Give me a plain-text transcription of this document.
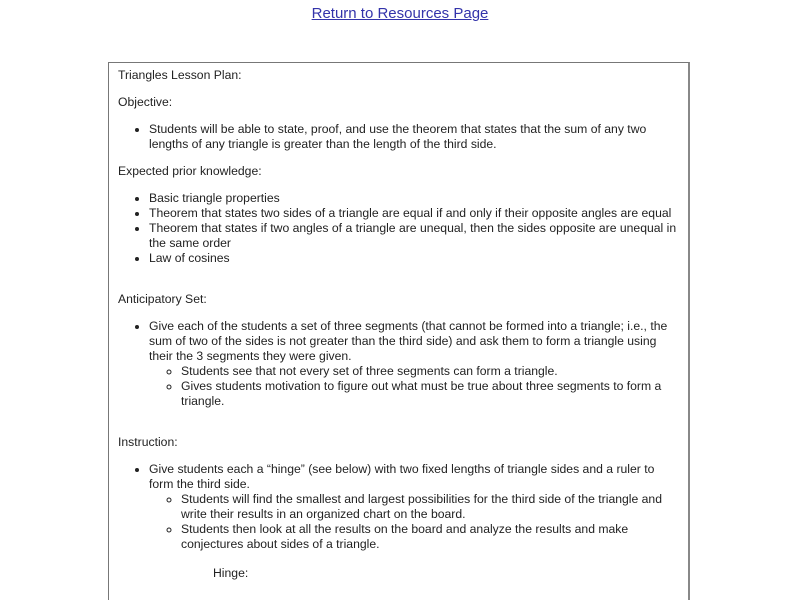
Return to Resources Page

Triangles Lesson Plan:

Objective:

• Students will be able to state, proof, and use the theorem that states that the sum of any two lengths of any triangle is greater than the length of the third side.

Expected prior knowledge:

• Basic triangle properties
• Theorem that states two sides of a triangle are equal if and only if their opposite angles are equal
• Theorem that states if two angles of a triangle are unequal, then the sides opposite are unequal in the same order
• Law of cosines

Anticipatory Set:

• Give each of the students a set of three segments (that cannot be formed into a triangle; i.e., the sum of two of the sides is not greater than the third side) and ask them to form a triangle using their the 3 segments they were given.
◦ Students see that not every set of three segments can form a triangle.
◦ Gives students motivation to figure out what must be true about three segments to form a triangle.

Instruction:

• Give students each a “hinge” (see below) with two fixed lengths of triangle sides and a ruler to form the third side.
◦ Students will find the smallest and largest possibilities for the third side of the triangle and write their results in an organized chart on the board.
◦ Students then look at all the results on the board and analyze the results and make conjectures about sides of a triangle.
Hinge:
